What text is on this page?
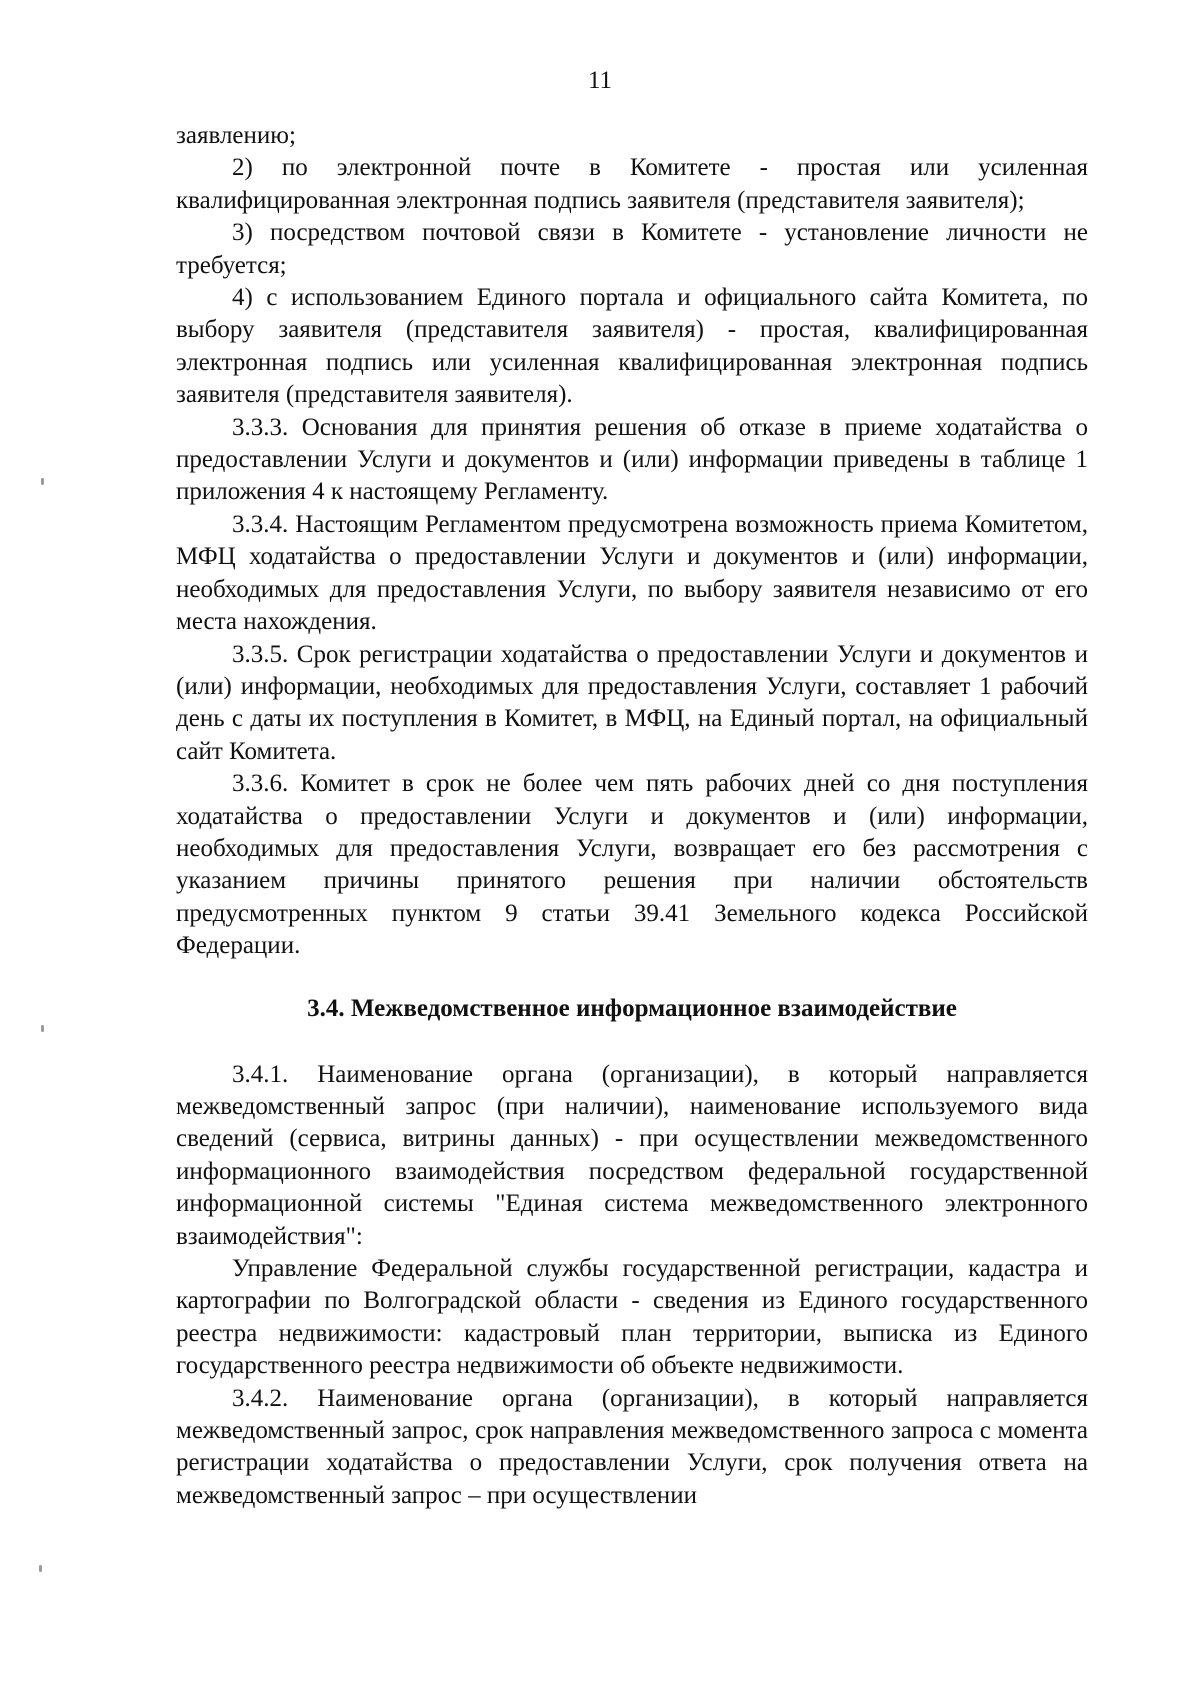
11

заявлению;

2) по электронной почте в Комитете - простая или усиленная квалифицированная электронная подпись заявителя (представителя заявителя);

3) посредством почтовой связи в Комитете - установление личности не требуется;

4) с использованием Единого портала и официального сайта Комитета, по выбору заявителя (представителя заявителя) - простая, квалифицированная электронная подпись или усиленная квалифицированная электронная подпись заявителя (представителя заявителя).

3.3.3. Основания для принятия решения об отказе в приеме ходатайства о предоставлении Услуги и документов и (или) информации приведены в таблице 1 приложения 4 к настоящему Регламенту.

3.3.4. Настоящим Регламентом предусмотрена возможность приема Комитетом, МФЦ ходатайства о предоставлении Услуги и документов и (или) информации, необходимых для предоставления Услуги, по выбору заявителя независимо от его места нахождения.

3.3.5. Срок регистрации ходатайства о предоставлении Услуги и документов и (или) информации, необходимых для предоставления Услуги, составляет 1 рабочий день с даты их поступления в Комитет, в МФЦ, на Единый портал, на официальный сайт Комитета.

3.3.6. Комитет в срок не более чем пять рабочих дней со дня поступления ходатайства о предоставлении Услуги и документов и (или) информации, необходимых для предоставления Услуги, возвращает его без рассмотрения с указанием причины принятого решения при наличии обстоятельств предусмотренных пунктом 9 статьи 39.41 Земельного кодекса Российской Федерации.

3.4. Межведомственное информационное взаимодействие

3.4.1. Наименование органа (организации), в который направляется межведомственный запрос (при наличии), наименование используемого вида сведений (сервиса, витрины данных) - при осуществлении межведомственного информационного взаимодействия посредством федеральной государственной информационной системы "Единая система межведомственного электронного взаимодействия":

Управление Федеральной службы государственной регистрации, кадастра и картографии по Волгоградской области - сведения из Единого государственного реестра недвижимости: кадастровый план территории, выписка из Единого государственного реестра недвижимости об объекте недвижимости.

3.4.2. Наименование органа (организации), в который направляется межведомственный запрос, срок направления межведомственного запроса с момента регистрации ходатайства о предоставлении Услуги, срок получения ответа на межведомственный запрос – при осуществлении
